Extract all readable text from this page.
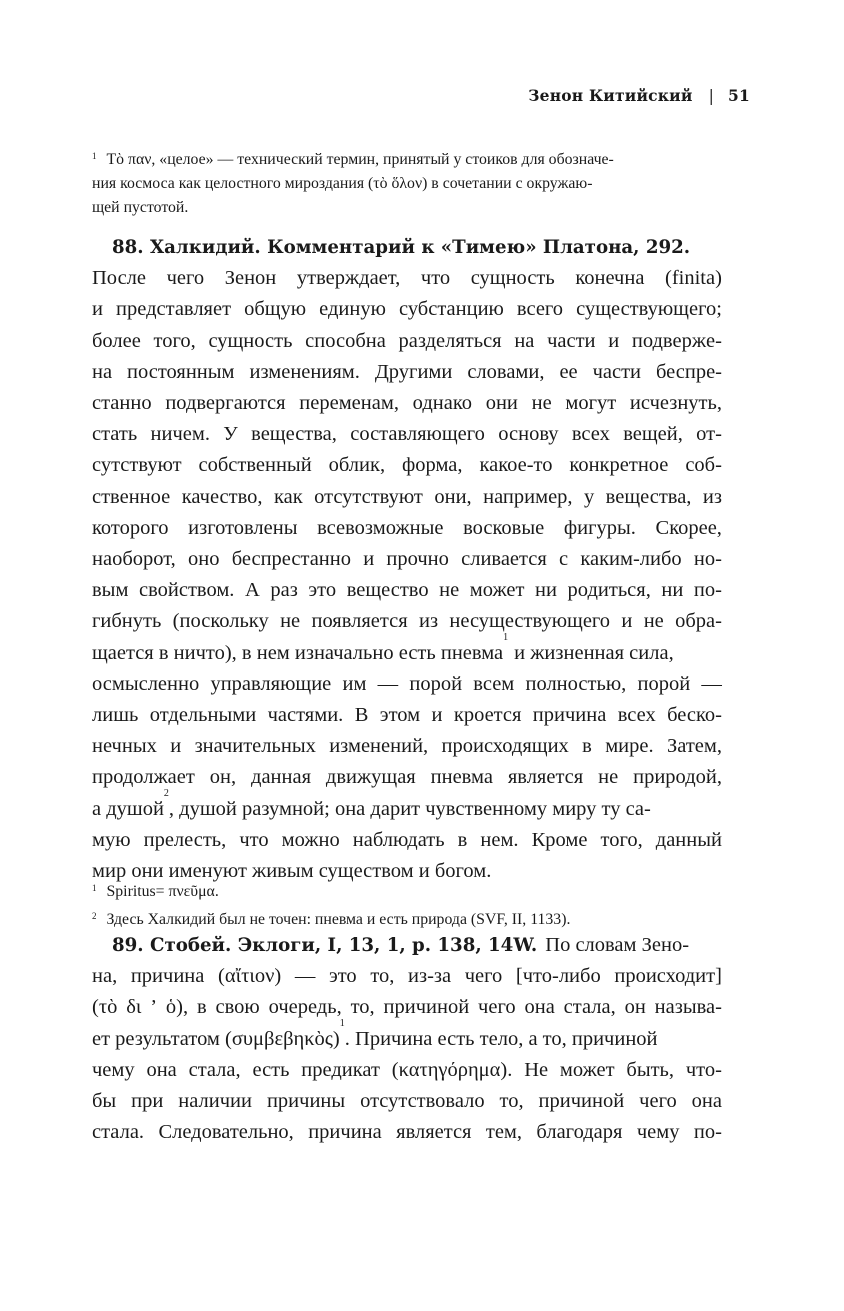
Зенон Китийский | 51
$^1$ Τὸ παν, «целое» — технический термин, принятый у стоиков для обозначе-
ния космоса как целостного мироздания (τὸ ὅλον) в сочетании с окружаю-
щей пустотой.
88. Халкидий. Комментарий к «Тимею» Платона, 292.
После чего Зенон утверждает, что сущность конечна (finita)
и представляет общую единую субстанцию всего существующего;
более того, сущность способна разделяться на части и подвержe-
на постоянным изменениям. Другими словами, ее части беспре-
станно подвергаются переменам, однако они не могут исчезнуть,
стать ничем. У вещества, составляющего основу всех вещей, от-
сутствуют собственный облик, форма, какое-то конкретное соб-
ственное качество, как отсутствуют они, например, у вещества, из
которого изготовлены всевозможные восковые фигуры. Скорее,
наоборот, оно беспрестанно и прочно сливается с каким-либо но-
вым свойством. А раз это вещество не может ни родиться, ни по-
гибнуть (поскольку не появляется из несуществующего и не обра-
щается в ничто), в нем изначально есть пневма
1
и жизненная сила,
осмысленно управляющие им — порой всем полностью, порой —
лишь отдельными частями. В этом и кроется причина всех беско-
нечных и значительных изменений, происходящих в мире. Затем,
продолжает он, данная движущая пневма является не природой,
а душой
2
, душой разумной; она дарит чувственному миру ту са-
мую прелесть, что можно наблюдать в нем. Кроме того, данный
мир они именуют живым существом и богом.
$^1$ Spiritus= πνεῦμα.
$^2$ Здесь Халкидий был не точен: пневма и есть природа (SVF, II, 1133).
89. Стобей. Эклоги, I, 13, 1, p. 138, 14W. По словам Зено-
на, причина (αἴτιον) — это то, из-за чего [что-либо происходит]
(τὸ δι ’ ὁ), в свою очередь, то, причиной чего она стала, он называ-
ет результатом (συμβεβηκὸς)
1
. Причина есть тело, а то, причиной
чему она стала, есть предикат (κατηγόρημα). Не может быть, что-
бы при наличии причины отсутствовало то, причиной чего она
стала. Следовательно, причина является тем, благодаря чему по-
